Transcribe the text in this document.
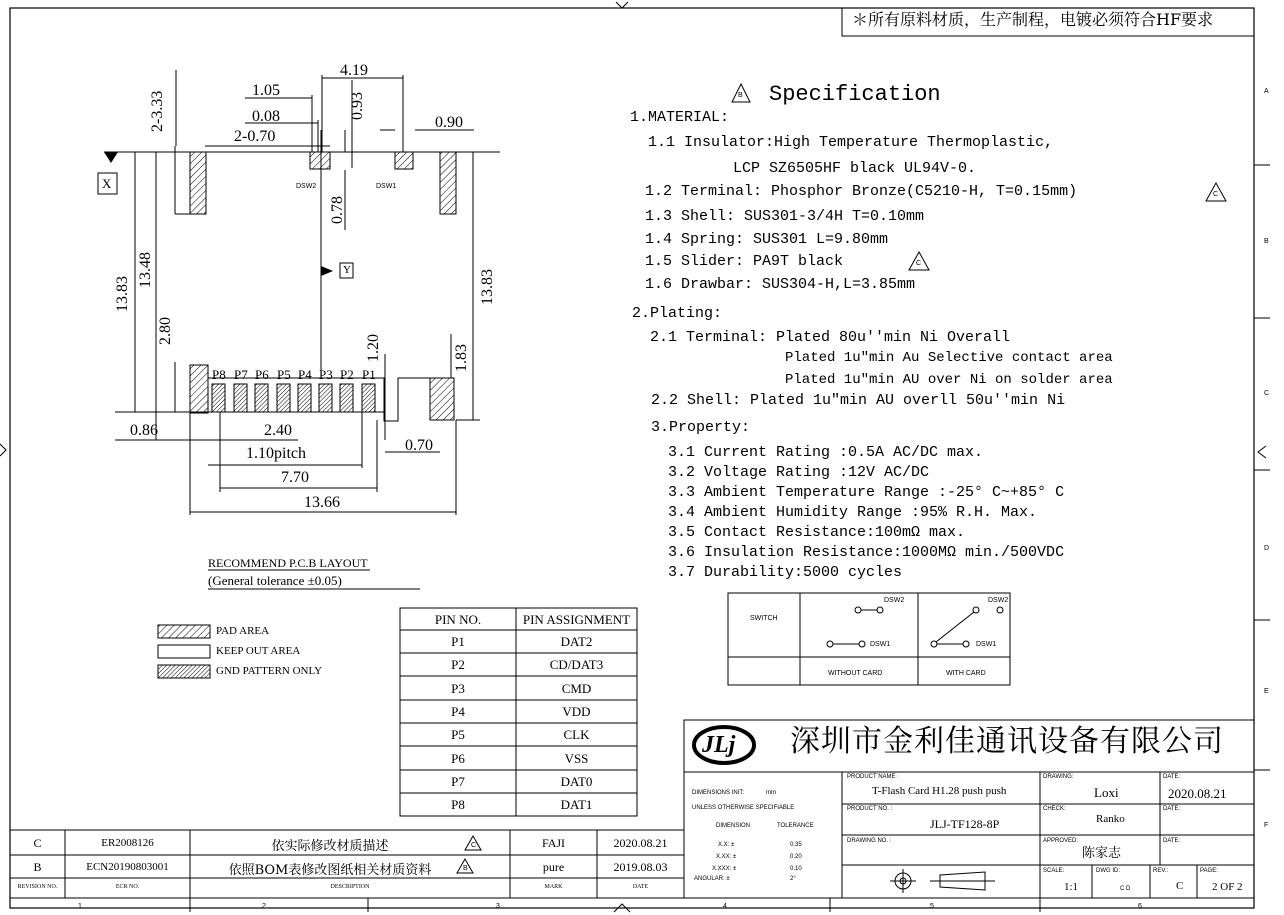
＊所有原料材质，生产制程，电镀必须符合HF要求
Specification
B
C
C
1.MATERIAL:
1.1 Insulator:High Temperature Thermoplastic,
LCP SZ6505HF black UL94V-0.
1.2 Terminal: Phosphor Bronze(C5210-H, T=0.15mm)
1.3 Shell: SUS301-3/4H T=0.10mm
1.4 Spring: SUS301 L=9.80mm
1.5 Slider: PA9T black
1.6 Drawbar: SUS304-H,L=3.85mm
2.Plating:
2.1 Terminal: Plated 80u''min Ni Overall
Plated 1u"min Au Selective contact area
Plated 1u"min AU over Ni on solder area
2.2 Shell: Plated 1u"min AU overll 50u''min Ni
3.Property:
3.1 Current Rating :0.5A AC/DC max.
3.2 Voltage Rating :12V AC/DC
3.3 Ambient Temperature Range :-25° C~+85° C
3.4 Ambient Humidity Range :95% R.H. Max.
3.5 Contact Resistance:100mΩ max.
3.6 Insulation Resistance:1000MΩ min./500VDC
3.7 Durability:5000 cycles
SWITCH
DSW2
DSW1
DSW2
DSW1
WITHOUT CARD	WITH CARD
4.19
1.05
0.08
2-0.70
0.90
2-3.33	0.93
0.78
13.83
13.48
2.80
13.83
1.20	1.83
0.86	2.40
1.10pitch	0.70
7.70
13.66
X
Y
DSW2	DSW1
P8 P7 P6 P5 P4 P3 P2 P1
RECOMMEND P.C.B LAYOUT
(General tolerance ±0.05)
PAD AREA
KEEP OUT AREA
GND PATTERN ONLY
PIN NO.	PIN ASSIGNMENT
P1	DAT2
P2	CD/DAT3
P3	CMD
P4	VDD
P5	CLK
P6	VSS
P7	DAT0
P8	DAT1
C	ER2008126	依实际修改材质描述	C	FAJI	2020.08.21
B	ECN20190803001	依照BOM表修改图纸相关材质资料	B	pure	2019.08.03
REVISION NO.	ECR NO.	DESCRIPTION	MARK	DATE
JLj 深圳市金利佳通讯设备有限公司
DIMENSIONS INIT:	mm
UNLESS OTHERWISE SPECIFIABLE
DIMENSION	TOLERANCE
X.X: ±	0.35
X.XX: ±	0.20
X.XXX: ±	0.10
ANGULAR: ±	2°
PRODUCT NAME :
T-Flash Card H1.28 push push
PRODUCT NO. :
JLJ-TF128-8P
DRAWING NO. :
DRAWING:
Loxi
CHECK:
Ranko
APPROVED:
陈家志
DATE:
2020.08.21
DATE:
DATE:
SCALE:
1:1
DWG ID:
C D
REV.:
C
PAGE:
2 OF 2
A
B
C
D
E
F
1	2	3	4	5	6
